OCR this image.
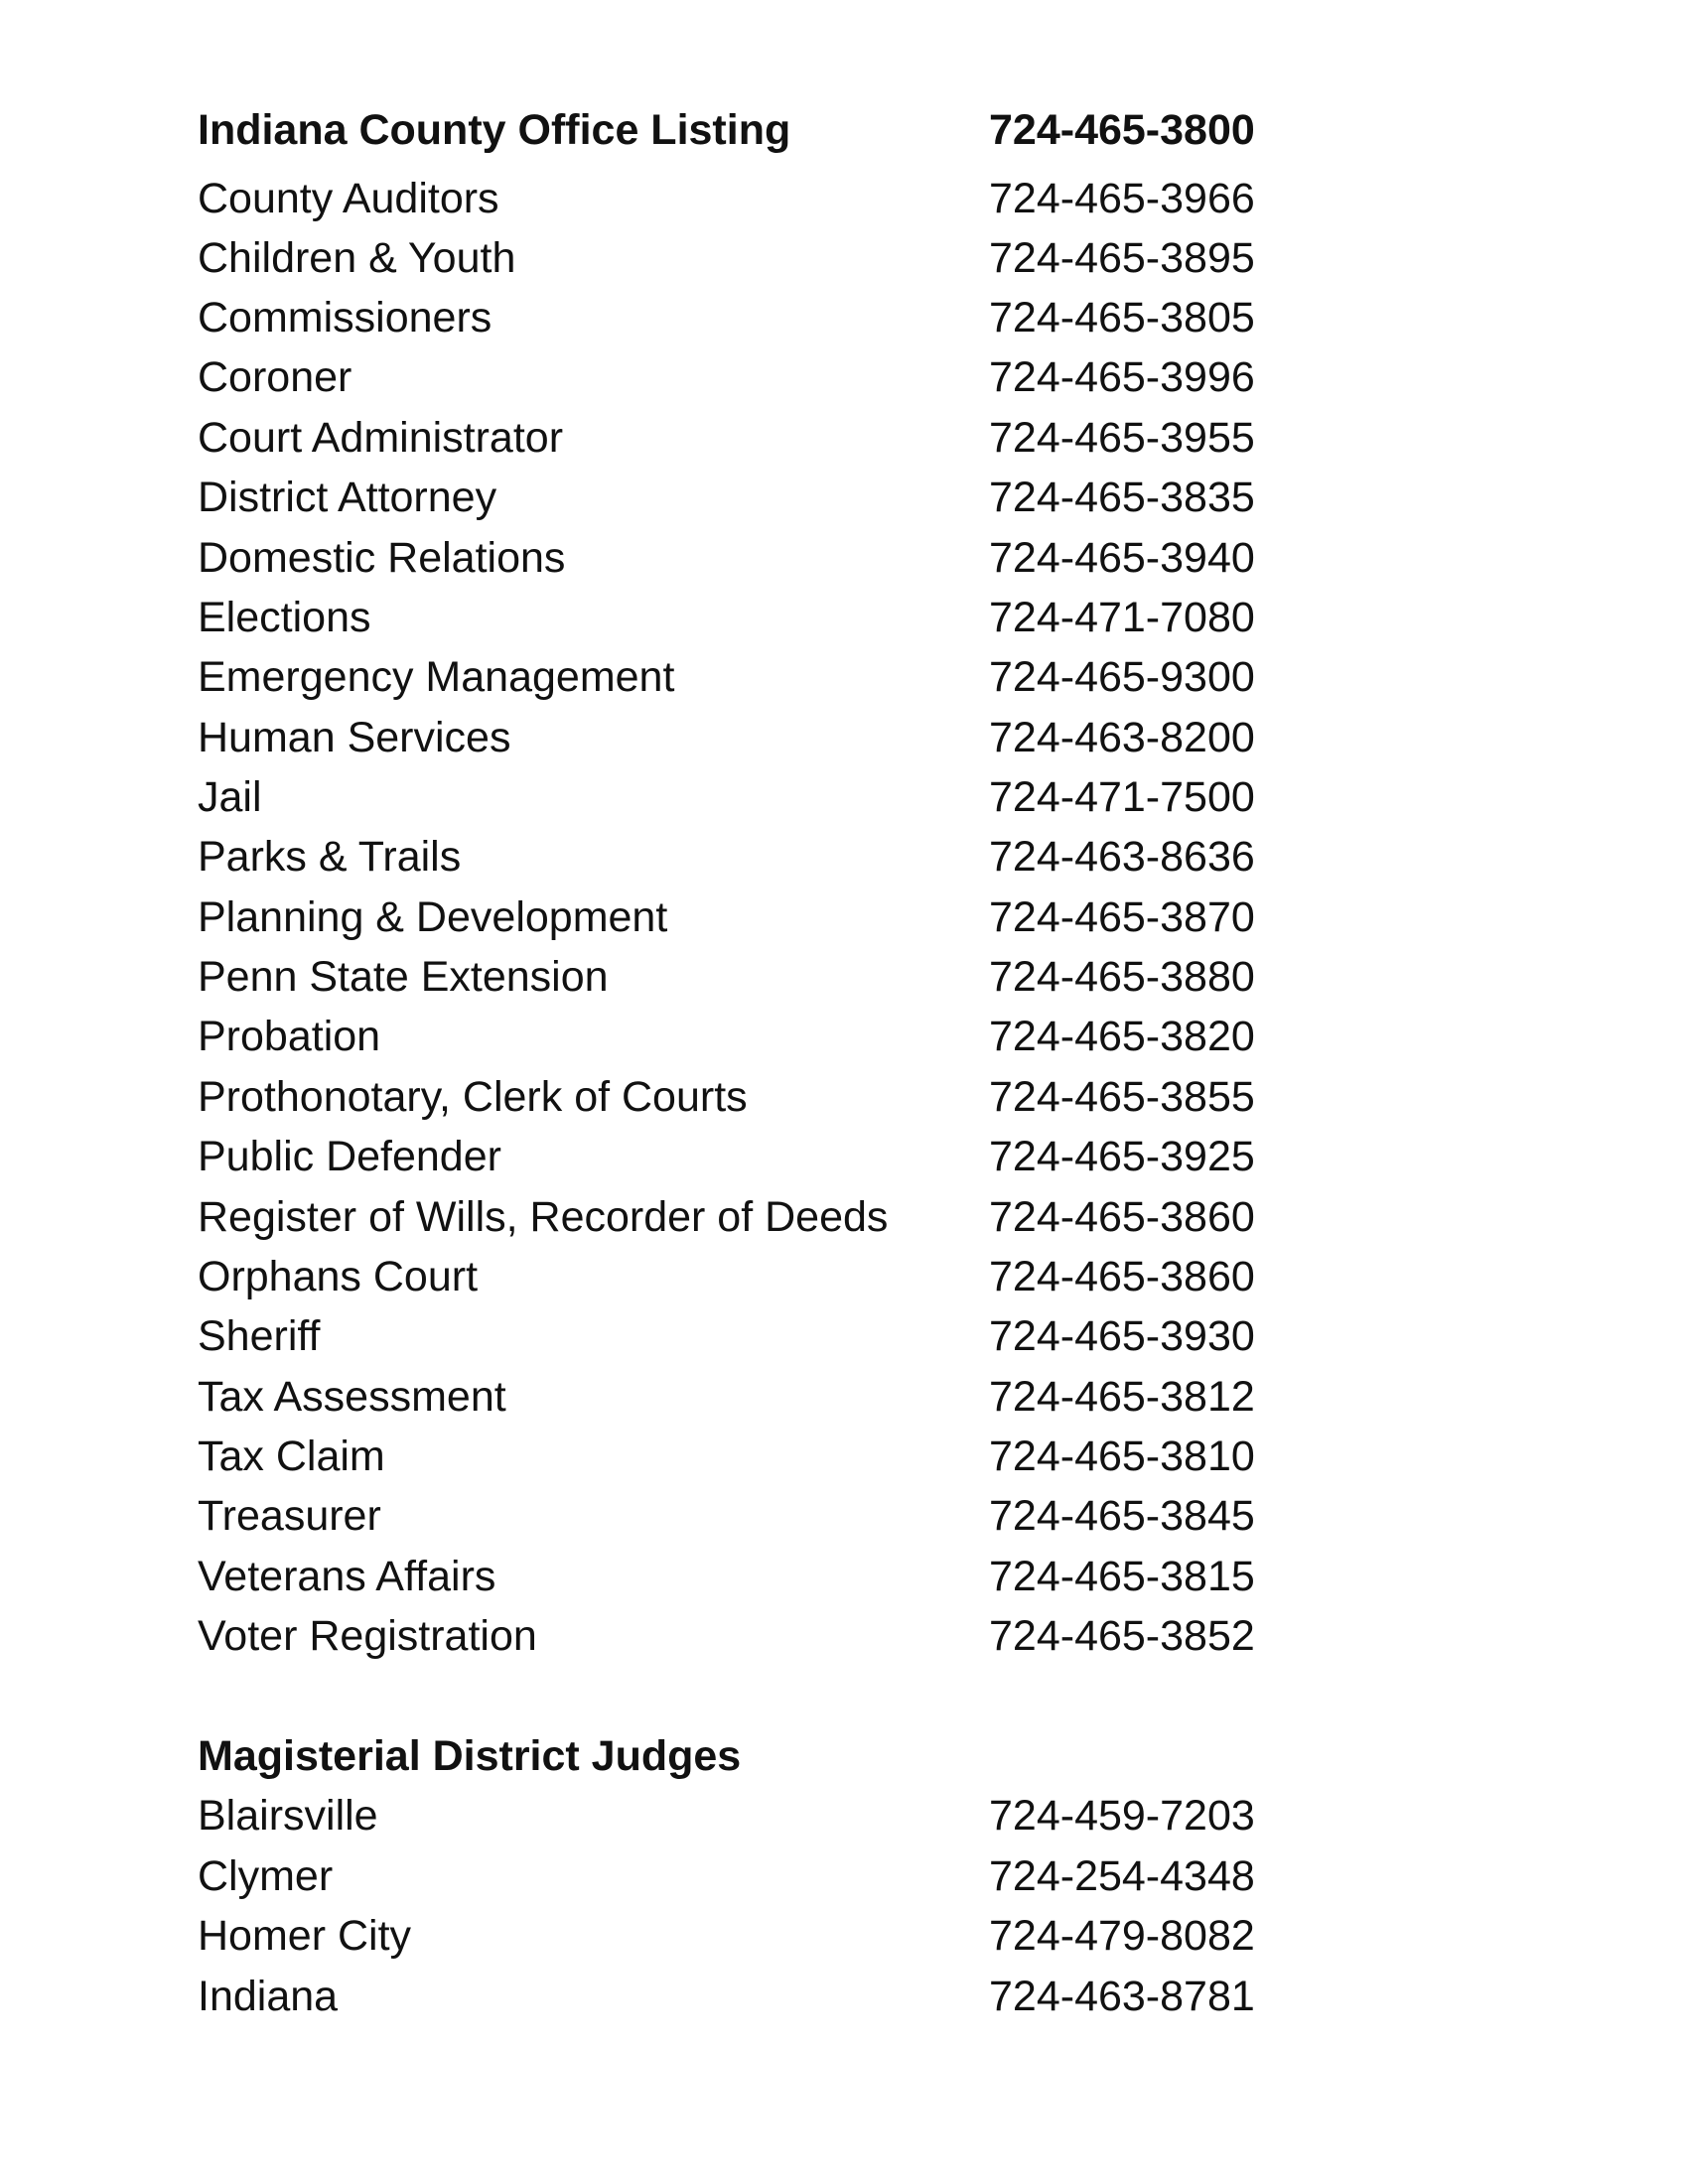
Indiana County Office Listing	724-465-3800
County Auditors	724-465-3966
Children & Youth	724-465-3895
Commissioners	724-465-3805
Coroner	724-465-3996
Court Administrator	724-465-3955
District Attorney	724-465-3835
Domestic Relations	724-465-3940
Elections	724-471-7080
Emergency Management	724-465-9300
Human Services	724-463-8200
Jail	724-471-7500
Parks & Trails	724-463-8636
Planning & Development	724-465-3870
Penn State Extension	724-465-3880
Probation	724-465-3820
Prothonotary, Clerk of Courts	724-465-3855
Public Defender	724-465-3925
Register of Wills, Recorder of Deeds 724-465-3860
Orphans Court	724-465-3860
Sheriff	724-465-3930
Tax Assessment	724-465-3812
Tax Claim	724-465-3810
Treasurer	724-465-3845
Veterans Affairs	724-465-3815
Voter Registration	724-465-3852
Magisterial District Judges
Blairsville	724-459-7203
Clymer	724-254-4348
Homer City	724-479-8082
Indiana	724-463-8781
